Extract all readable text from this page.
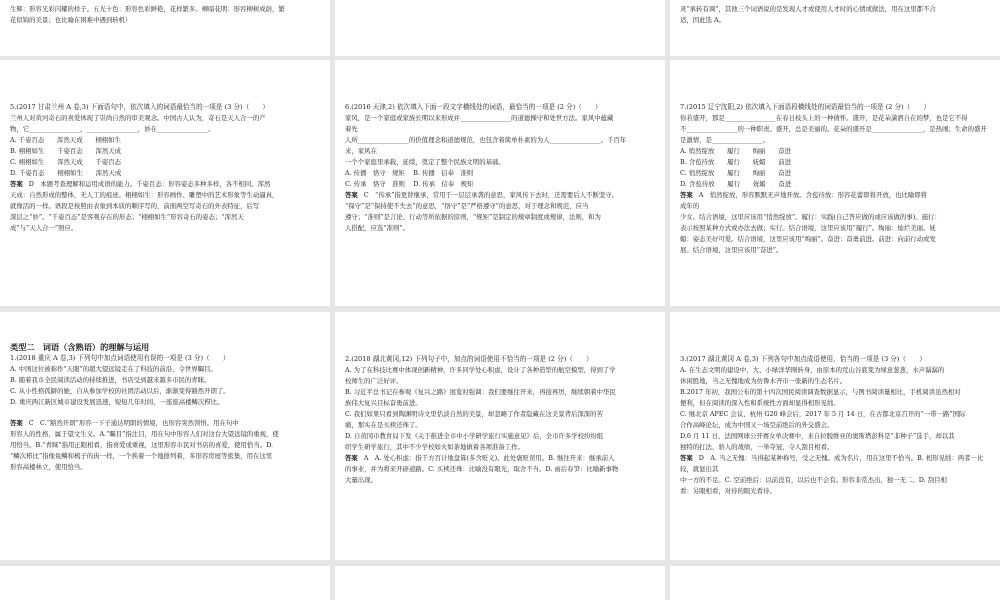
生辉：形容光彩闪耀的样子。五光十色：形容色彩鲜艳，花样繁多。柳暗花明：形容柳树成荫，繁

花似锦的美景；也比喻在困难中遇到转机）

灵“承转有调”，其他三个词语说的是发现人才或使用人才时的心情或做法，用在这里都不合

适，因此选 A。

5.(2017 甘肃兰州 A 卷,3) 下面语句中，依次填入的词语最恰当的一项是 (3 分)（　　）

兰州人对黄河奇石的喜爱体现了崇尚自然的审美观念。中国古人认为，奇石是天人合一的产

物，它________________，________________，妙在________________。

A. 千姿百态　　浑然天成　　栩栩如生
B. 栩栩如生　　千姿百态　　浑然天成
C. 栩栩如生　　浑然天成　　千姿百态
D. 千姿百态　　栩栩如生　　浑然天成

答案 D　本题考查理解和运用成语的能力。千姿百态：形容姿态多种多样，各不相同。浑然

天成：自然形成的整体，无人工的痕迹。栩栩如生：形容画作、雕塑中的艺术形象等生动逼真，

就像活的一样。语段是按照由表象到本质的顺序写的，前面两空写奇石的外表特征，后写

深层之“妙”。“千姿百态”是客观存在的形态；“栩栩如生”形容奇石的姿态；“浑然天

成”与“天人合一”照应。

6.(2016 天津,2) 依次填入下面一段文字横线处的词语，最恰当的一项是 (2 分)（　　）

家风，是一个家庭或家族长期以来形成并________________的道德操守和处世方法。家风中蕴藏

着先

人所________________的价值理念和道德规范，也包含着简单朴素的为人________________。千百年

来，家风在

一个个家庭里承载、延续，奠定了整个民族文明的基础。

A. 传播　恪守　规矩　 B. 传播　信奉　准则

C. 传承　恪守　准则　 D. 传承　信奉　规矩

答案 C　“传承”指更替继承，常用于一层层承袭的意思，家风传下去时，还需要后人不断坚守。

“保守”是“保持使不失去”的意思，“恪守”是“严格遵守”的意思，对于理念和规范，应当

遵守；“准则”是言论、行动等所依据的原则，“规矩”是制定的规章制度或规律，法则，和为

人搭配，应选“准则”。

7.(2015 辽宁沈阳,2) 依次填入下面语段横线处的词语最恰当的一项是 (2 分)（　　）

你若盛开，那是________________在春日枝头上的一种倩怀。盛开，是花朵潇洒自在的梦，也是它不得

不________________的一种职责。盛开，总是美丽的。花朵的盛开是________________，是热闹；生命的盛开

是激情，是________________。

A. 悄然绽放　　履行　　绚丽　　奋进
B. 含苞待放　　履行　　妩媚　　前进
C. 悄然绽放　　履行　　绚丽　　奋进
D. 含苞待放　　履行　　妩媚　　奋进

答案 A　悄然绽放，形容默默无声地开放。含苞待放：形容花蕾即将开放，也比喻即将

成年的

少女。结合语境，这里应该用“悄然绽放”。履行：实践(自己答应做的或应该做的事)。施行：

表示按照某种方式或办法去做；实行。结合语境，这里应该用“履行”。绚丽：灿烂美丽。妩

媚：姿态美好可爱。结合语境，这里应该用“绚丽”。奋进：奋勇前进。前进：向前行动或发

展。结合语境，这里应该用“奋进”。

类型二　词语（含熟语）的理解与运用

1.(2018 重庆 A 卷,3) 下列句中加点词语使用有误的一项是 (3 分)（　　）

A. 中国这位被称作“天眼”的超大望远镜走在了科技的前沿，令世界瞩目。
B. 随着我市全民阅读活动的持续推进，书店受到越来越多市民的青睐。
C. 从小性格孤僻的她，自从参加学校的社团活动以后，渐渐变得豁然开朗了。
D. 重庆两江新区城市建设发展迅速，短短几年时间，一座座高楼鳞次栉比。

答案 C　C.“豁然开朗”形容一下子通达明朗的情境，也形容突然领悟。用在句中

形容人的性格，属于望文生义。A.“瞩目”指注目，用在句中形容人们对这台大望远镜的重视，使

用恰当。B.“青睐”指用正眼相看，指喜爱或重视，这里形容市民对书店的喜爱，使用恰当。D.

“鳞次栉比”指像鱼鳞和梳子的齿一样，一个挨着一个地排列着，多形容房屋等密集，用在这里

形容高楼林立，使用恰当。

2.(2018 湖北黄冈,12) 下列句子中，加点的词语使用不恰当的一项是 (2 分)（　　）

A. 为了在科技比赛中体现创新精神，许多同学处心积虑，设计了各种造型的航空模型，得到了学

校师生的广泛好评。

B. 习近平总书记在参观《复兴之路》展览时强调：我们要继往开来，再接再厉，继续朝着中华民

族伟大复兴目标奋勇前进。

C. 我们如果只看到陶渊明诗文里恬淡自然的美景，却忽略了作者隐藏在这美景背后深深的苦

痛，那实在是买椟还珠了。

D. 自黄冈市教育局下发《关于推进全市中小学研学旅行实施意见》后，全市许多学校纷纷组

织学生研学旅行，其中不少学校如火如荼地做着各项准备工作。

答案 A　A. 处心积虑：指千方百计地盘算(多含贬义)。此处褒贬误用。B. 继往开来：继承前人

的事业，并为将来开辟道路。C. 买椟还珠：比喻没有眼光，取舍不当。D. 雨后春笋：比喻新事物

大量出现。

3.(2017 湖北黄冈 A 卷,3) 下列各句中加点成语使用，恰当的一项是 (3 分)（　　）

A. 在生态文明的建设中，大、小绿洋华刚转身，由原本的荒山谷底变为绿意葱葱，水声潺潺的

休闲胜地，当之无愧地成为仿鲁木齐市一张新的生态名片。

B.2017 年初，我国公布的第十四次国民阅读调查数据显示，与图书阅读量相比，手机阅读虽然相对

便利，但在阅读的深入性和系统性方面却显得相形见绌。

C. 继北京 APEC 会议、杭州 G20 峰会后，2017 年 5 月 14 日，在古都北京召开的“一带一路”国际

合作高峰论坛，成为中国又一场空前绝后的外交盛会。

D.6 月 11 日，法国网球公开赛女单决赛中，来自拉脱维亚的奥斯塔彭科是“非种子”选手，却以其

独特的打法，骄人的战绩，一举夺冠，令人刮目相看。

答案 D　A. 当之无愧：当得起某种称号，受之无愧。成为名片，用在这里不恰当。B. 相形见绌：两者一比较，就显出其

中一方的不足。C. 空前绝后：以前没有，以后也不会有。形容非常杰出，独一无二。D. 刮目相

看：另眼相看，对待的眼光看待。
